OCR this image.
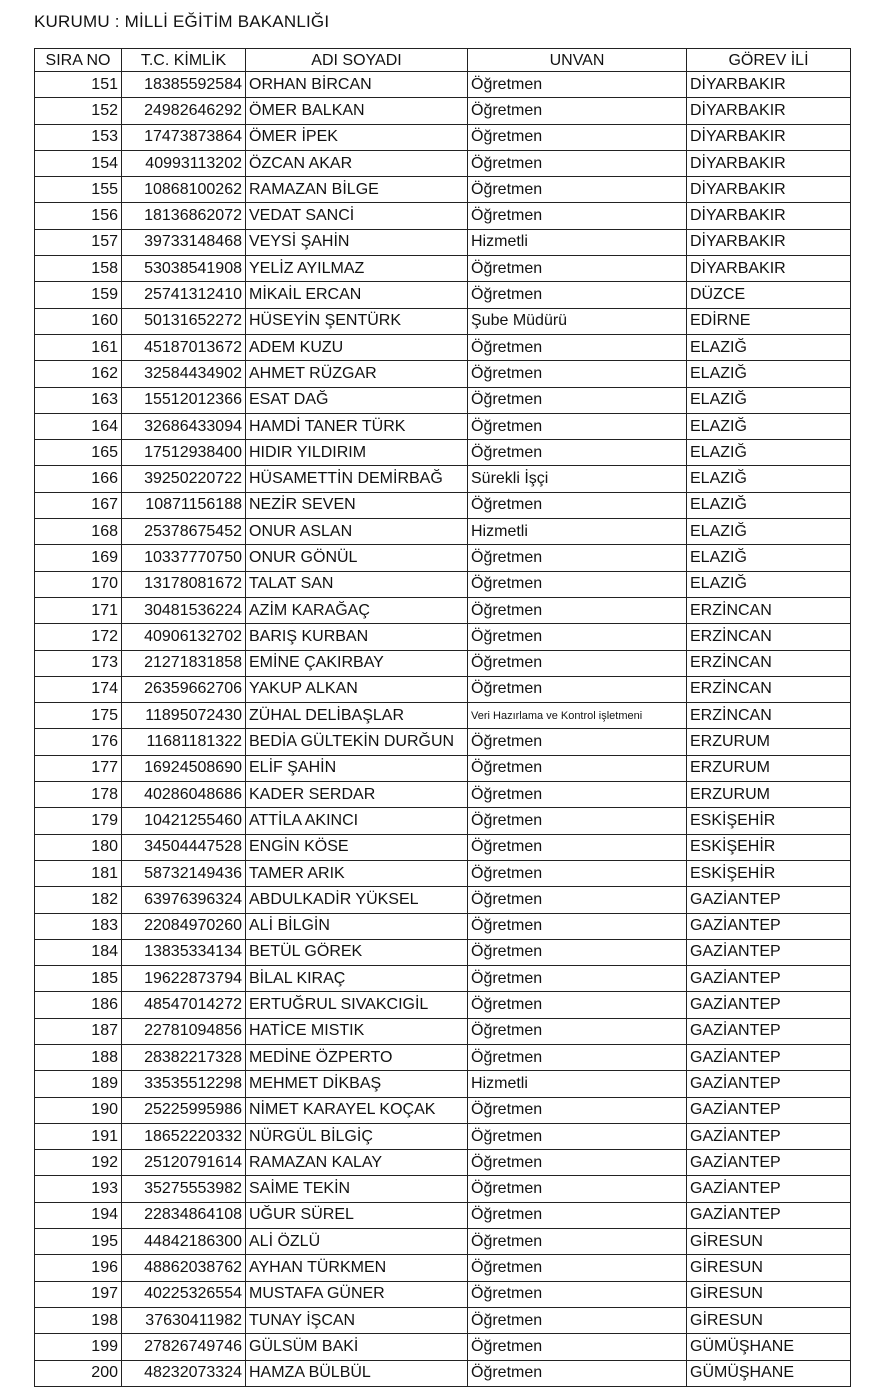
KURUMU : MİLLİ EĞİTİM BAKANLIĞI
SIRA NO	T.C. KİMLİK	ADI SOYADI	UNVAN	GÖREV İLİ
151	18385592584	ORHAN BİRCAN	Öğretmen	DİYARBAKIR
152	24982646292	ÖMER BALKAN	Öğretmen	DİYARBAKIR
153	17473873864	ÖMER İPEK	Öğretmen	DİYARBAKIR
154	40993113202	ÖZCAN AKAR	Öğretmen	DİYARBAKIR
155	10868100262	RAMAZAN BİLGE	Öğretmen	DİYARBAKIR
156	18136862072	VEDAT SANCİ	Öğretmen	DİYARBAKIR
157	39733148468	VEYSİ ŞAHİN	Hizmetli	DİYARBAKIR
158	53038541908	YELİZ AYILMAZ	Öğretmen	DİYARBAKIR
159	25741312410	MİKAİL ERCAN	Öğretmen	DÜZCE
160	50131652272	HÜSEYİN ŞENTÜRK	Şube Müdürü	EDİRNE
161	45187013672	ADEM KUZU	Öğretmen	ELAZIĞ
162	32584434902	AHMET RÜZGAR	Öğretmen	ELAZIĞ
163	15512012366	ESAT DAĞ	Öğretmen	ELAZIĞ
164	32686433094	HAMDİ TANER TÜRK	Öğretmen	ELAZIĞ
165	17512938400	HIDIR YILDIRIM	Öğretmen	ELAZIĞ
166	39250220722	HÜSAMETTİN DEMİRBAĞ	Sürekli İşçi	ELAZIĞ
167	10871156188	NEZİR SEVEN	Öğretmen	ELAZIĞ
168	25378675452	ONUR ASLAN	Hizmetli	ELAZIĞ
169	10337770750	ONUR GÖNÜL	Öğretmen	ELAZIĞ
170	13178081672	TALAT SAN	Öğretmen	ELAZIĞ
171	30481536224	AZİM KARAĞAÇ	Öğretmen	ERZİNCAN
172	40906132702	BARIŞ KURBAN	Öğretmen	ERZİNCAN
173	21271831858	EMİNE ÇAKIRBAY	Öğretmen	ERZİNCAN
174	26359662706	YAKUP ALKAN	Öğretmen	ERZİNCAN
175	11895072430	ZÜHAL DELİBAŞLAR	Veri Hazırlama ve Kontrol işletmeni	ERZİNCAN
176	11681181322	BEDİA GÜLTEKİN DURĞUN	Öğretmen	ERZURUM
177	16924508690	ELİF ŞAHİN	Öğretmen	ERZURUM
178	40286048686	KADER SERDAR	Öğretmen	ERZURUM
179	10421255460	ATTİLA AKINCI	Öğretmen	ESKİŞEHİR
180	34504447528	ENGİN KÖSE	Öğretmen	ESKİŞEHİR
181	58732149436	TAMER ARIK	Öğretmen	ESKİŞEHİR
182	63976396324	ABDULKADİR YÜKSEL	Öğretmen	GAZİANTEP
183	22084970260	ALİ BİLGİN	Öğretmen	GAZİANTEP
184	13835334134	BETÜL GÖREK	Öğretmen	GAZİANTEP
185	19622873794	BİLAL KIRAÇ	Öğretmen	GAZİANTEP
186	48547014272	ERTUĞRUL SIVAKCIGİL	Öğretmen	GAZİANTEP
187	22781094856	HATİCE MISTIK	Öğretmen	GAZİANTEP
188	28382217328	MEDİNE ÖZPERTO	Öğretmen	GAZİANTEP
189	33535512298	MEHMET DİKBAŞ	Hizmetli	GAZİANTEP
190	25225995986	NİMET KARAYEL KOÇAK	Öğretmen	GAZİANTEP
191	18652220332	NÜRGÜL BİLGİÇ	Öğretmen	GAZİANTEP
192	25120791614	RAMAZAN KALAY	Öğretmen	GAZİANTEP
193	35275553982	SAİME TEKİN	Öğretmen	GAZİANTEP
194	22834864108	UĞUR SÜREL	Öğretmen	GAZİANTEP
195	44842186300	ALİ ÖZLÜ	Öğretmen	GİRESUN
196	48862038762	AYHAN TÜRKMEN	Öğretmen	GİRESUN
197	40225326554	MUSTAFA GÜNER	Öğretmen	GİRESUN
198	37630411982	TUNAY İŞCAN	Öğretmen	GİRESUN
199	27826749746	GÜLSÜM BAKİ	Öğretmen	GÜMÜŞHANE
200	48232073324	HAMZA BÜLBÜL	Öğretmen	GÜMÜŞHANE
